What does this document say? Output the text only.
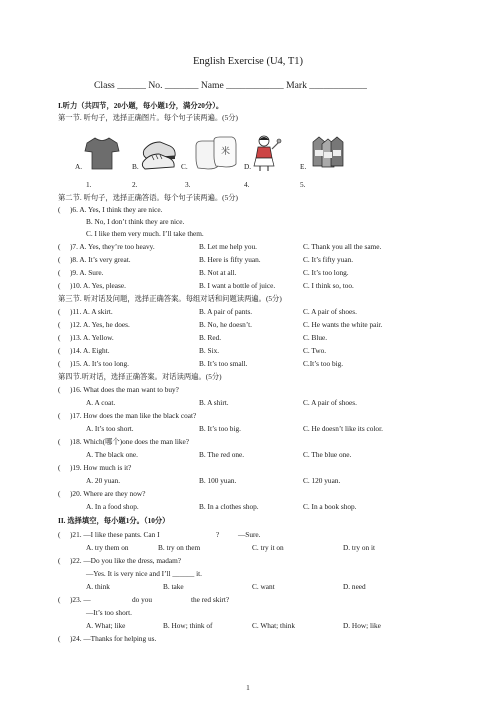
English Exercise (U4, T1)
Class ______ No. _______ Name ____________ Mark ____________
I.听力（共四节，20小题，每小题1分，满分20分）。
第一节. 听句子，选择正确图片。每个句子读两遍。(5分)
A.	B.	C.
米
D.	E.
1.	2.	3.	4.	5.
第二节. 听句子，选择正确答语。每个句子读两遍。(5分)
( )6. A. Yes, I think they are nice.
B. No, I don’t think they are nice.
C. I like them very much. I’ll take them.
( )7. A. Yes, they’re too heavy.	B. Let me help you.	C. Thank you all the same.
( )8. A. It’s very great.	B. Here is fifty yuan.	C. It’s fifty yuan.
( )9. A. Sure.	B. Not at all.	C. It’s too long.
( )10. A. Yes, please.	B. I want a bottle of juice.	C. I think so, too.
第三节. 听对话及问题，选择正确答案。每组对话和问题读两遍。(5分)
( )11. A. A skirt.	B. A pair of pants.	C. A pair of shoes.
( )12. A. Yes, he does.	B. No, he doesn’t.	C. He wants the white pair.
( )13. A. Yellow.	B. Red.	C. Blue.
( )14. A. Eight.	B. Six.	C. Two.
( )15. A. It’s too long.	B. It’s too small.	C.It’s too big.
第四节.听对话，选择正确答案。对话读两遍。(5分)
( )16. What does the man want to buy?
A. A coat.	B. A shirt.	C. A pair of shoes.
( )17. How does the man like the black coat?
A. It’s too short.	B. It’s too big.	C. He doesn’t like its color.
( )18. Which(哪个)one does the man like?
A. The black one.	B. The red one.	C. The blue one.
( )19. How much is it?
A. 20 yuan.	B. 100 yuan.	C. 120 yuan.
( )20. Where are they now?
A. In a food shop.	B. In a clothes shop.	C. In a book shop.
II. 选择填空，每小题1分。（10分）
( )21. —I like these pants. Can I	?	—Sure.
A. try them on	B. try on them	C. try it on	D. try on it
( )22. —Do you like the dress, madam?
—Yes. It is very nice and I’ll ______ it.
A. think	B. take	C. want	D. need
( )23. —	do you	the red skirt?
—It’s too short.
A. What; like	B. How; think of	C. What; think	D. How; like
( )24. —Thanks for helping us.
1
